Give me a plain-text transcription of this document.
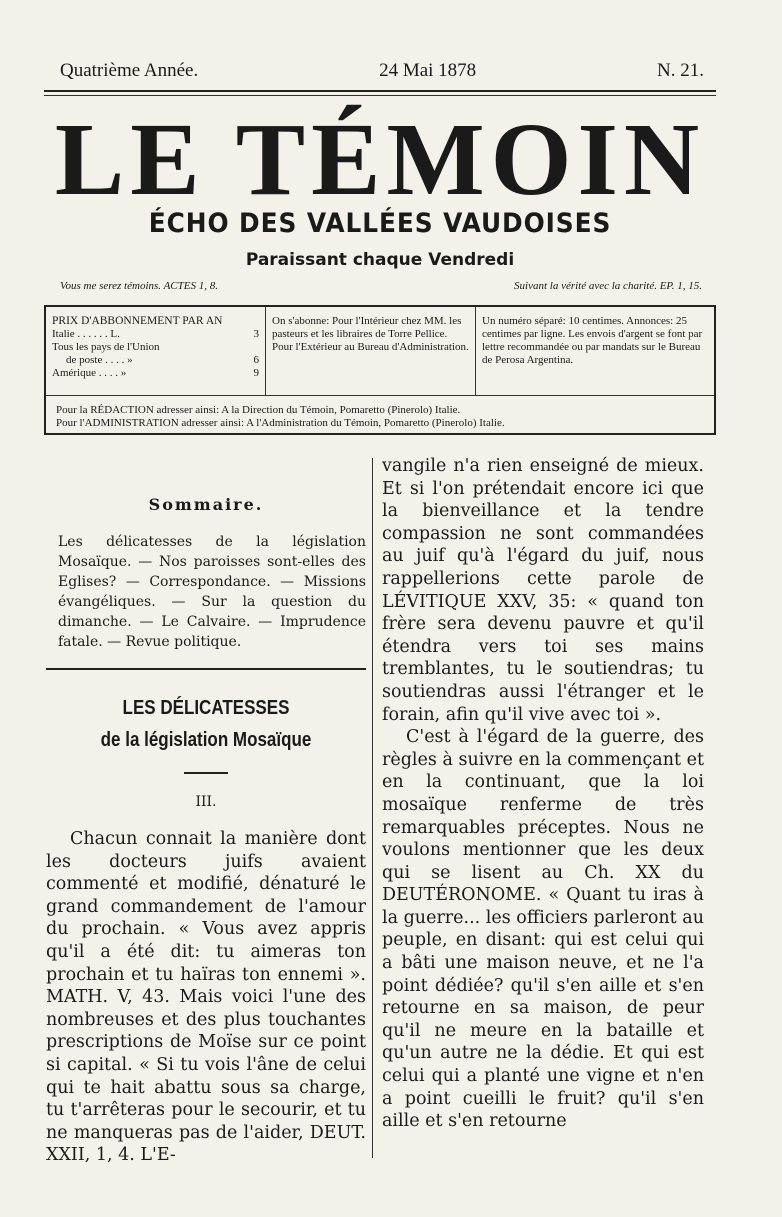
Quatrième Année.	24 Mai 1878	N. 21.
LE TÉMOIN
ÉCHO DES VALLÉES VAUDOISES
Paraissant chaque Vendredi
Vous me serez témoins. ACTES 1, 8.	Suivant la vérité avec la charité. EP. 1, 15.
PRIX D'ABBONNEMENT PAR AN
Italie . . . . . . L.	3
Tous les pays de l'Union
de poste . . . . »	6
Amérique . . . . »	9
On s'abonne: Pour l'Intérieur chez MM. les pasteurs et les libraires de Torre Pellice. Pour l'Extérieur au Bureau d'Administration.
Un numéro séparé: 10 centimes. Annonces: 25 centimes par ligne. Les envois d'argent se font par lettre recommandée ou par mandats sur le Bureau de Perosa Argentina.
Pour la RÉDACTION adresser ainsi: A la Direction du Témoin, Pomaretto (Pinerolo) Italie.
Pour l'ADMINISTRATION adresser ainsi: A l'Administration du Témoin, Pomaretto (Pinerolo) Italie.
Sommaire.
Les délicatesses de la législation Mosaïque. — Nos paroisses sont-elles des Eglises? — Correspondance. — Missions évangéliques. — Sur la question du dimanche. — Le Calvaire. — Imprudence fatale. — Revue politique.
LES DÉLICATESSES
de la législation Mosaïque
III.

Chacun connait la manière dont les docteurs juifs avaient commenté et modifié, dénaturé le grand commandement de l'amour du prochain. « Vous avez appris qu'il a été dit: tu aimeras ton prochain et tu haïras ton ennemi ». MATH. V, 43. Mais voici l'une des nombreuses et des plus touchantes prescriptions de Moïse sur ce point si capital. « Si tu vois l'âne de celui qui te hait abattu sous sa charge, tu t'arrêteras pour le secourir, et tu ne manqueras pas de l'aider, DEUT. XXII, 1, 4. L'E-

vangile n'a rien enseigné de mieux. Et si l'on prétendait encore ici que la bienveillance et la tendre compassion ne sont commandées au juif qu'à l'égard du juif, nous rappellerions cette parole de LÉVITIQUE XXV, 35: « quand ton frère sera devenu pauvre et qu'il étendra vers toi ses mains tremblantes, tu le soutiendras; tu soutiendras aussi l'étranger et le forain, afin qu'il vive avec toi ».

C'est à l'égard de la guerre, des règles à suivre en la commençant et en la continuant, que la loi mosaïque renferme de très remarquables préceptes. Nous ne voulons mentionner que les deux qui se lisent au Ch. XX du DEUTÉRONOME. « Quant tu iras à la guerre... les officiers parleront au peuple, en disant: qui est celui qui a bâti une maison neuve, et ne l'a point dédiée? qu'il s'en aille et s'en retourne en sa maison, de peur qu'il ne meure en la bataille et qu'un autre ne la dédie. Et qui est celui qui a planté une vigne et n'en a point cueilli le fruit? qu'il s'en aille et s'en retourne
